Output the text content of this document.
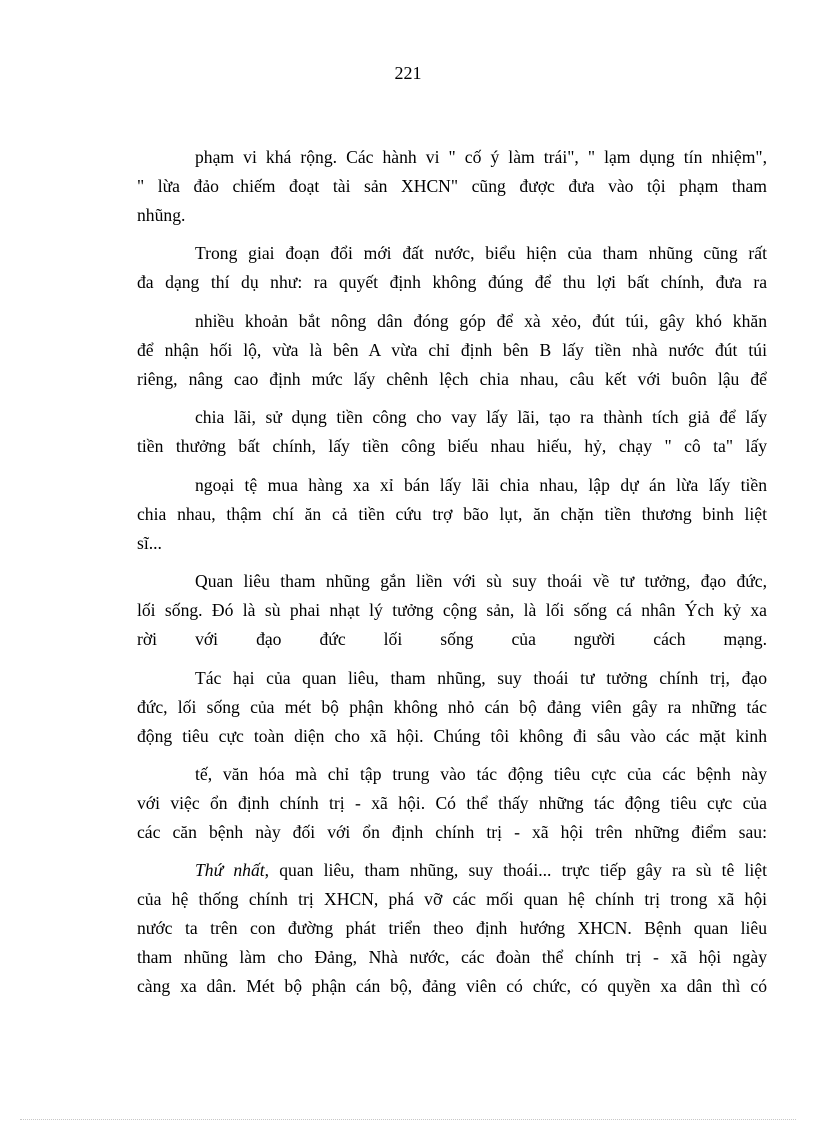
221
phạm vi khá rộng. Các hành vi " cố ý làm trái", " lạm dụng tín nhiệm",
" lừa đảo chiếm đoạt tài sản XHCN" cũng được đưa vào tội phạm tham
nhũng.
Trong giai đoạn đổi mới đất nước, biểu hiện của tham nhũng cũng rất
đa dạng thí dụ như: ra quyết định không đúng để thu lợi bất chính, đưa ra
nhiều khoản bắt nông dân đóng góp để xà xẻo, đút túi, gây khó khăn
để nhận hối lộ, vừa là bên A vừa chỉ định bên B lấy tiền nhà nước đút túi
riêng, nâng cao định mức lấy chênh lệch chia nhau, câu kết với buôn lậu để
chia lãi, sử dụng tiền công cho vay lấy lãi, tạo ra thành tích giả để lấy
tiền thưởng bất chính, lấy tiền công biếu nhau hiếu, hỷ, chạy " cô ta" lấy
ngoại tệ mua hàng xa xỉ bán lấy lãi chia nhau, lập dự án lừa lấy tiền
chia nhau, thậm chí ăn cả tiền cứu trợ bão lụt, ăn chặn tiền thương binh liệt
sĩ...
Quan liêu tham nhũng gắn liền với sù suy thoái về tư tưởng, đạo đức,
lối sống. Đó là sù phai nhạt lý tưởng cộng sản, là lối sống cá nhân Ých kỷ xa
rời với đạo đức lối sống của người cách mạng.
Tác hại của quan liêu, tham nhũng, suy thoái tư tưởng chính trị, đạo
đức, lối sống của mét bộ phận không nhỏ cán bộ đảng viên gây ra những tác
động tiêu cực toàn diện cho xã hội. Chúng tôi không đi sâu vào các mặt kinh
tế, văn hóa mà chỉ tập trung vào tác động tiêu cực của các bệnh này
với việc ổn định chính trị - xã hội. Có thể thấy những tác động tiêu cực của
các căn bệnh này đối với ổn định chính trị - xã hội trên những điểm sau:
Thứ nhất, quan liêu, tham nhũng, suy thoái... trực tiếp gây ra sù tê liệt
của hệ thống chính trị XHCN, phá vỡ các mối quan hệ chính trị trong xã hội
nước ta trên con đường phát triển theo định hướng XHCN. Bệnh quan liêu
tham nhũng làm cho Đảng, Nhà nước, các đoàn thể chính trị - xã hội ngày
càng xa dân. Mét bộ phận cán bộ, đảng viên có chức, có quyền xa dân thì có
